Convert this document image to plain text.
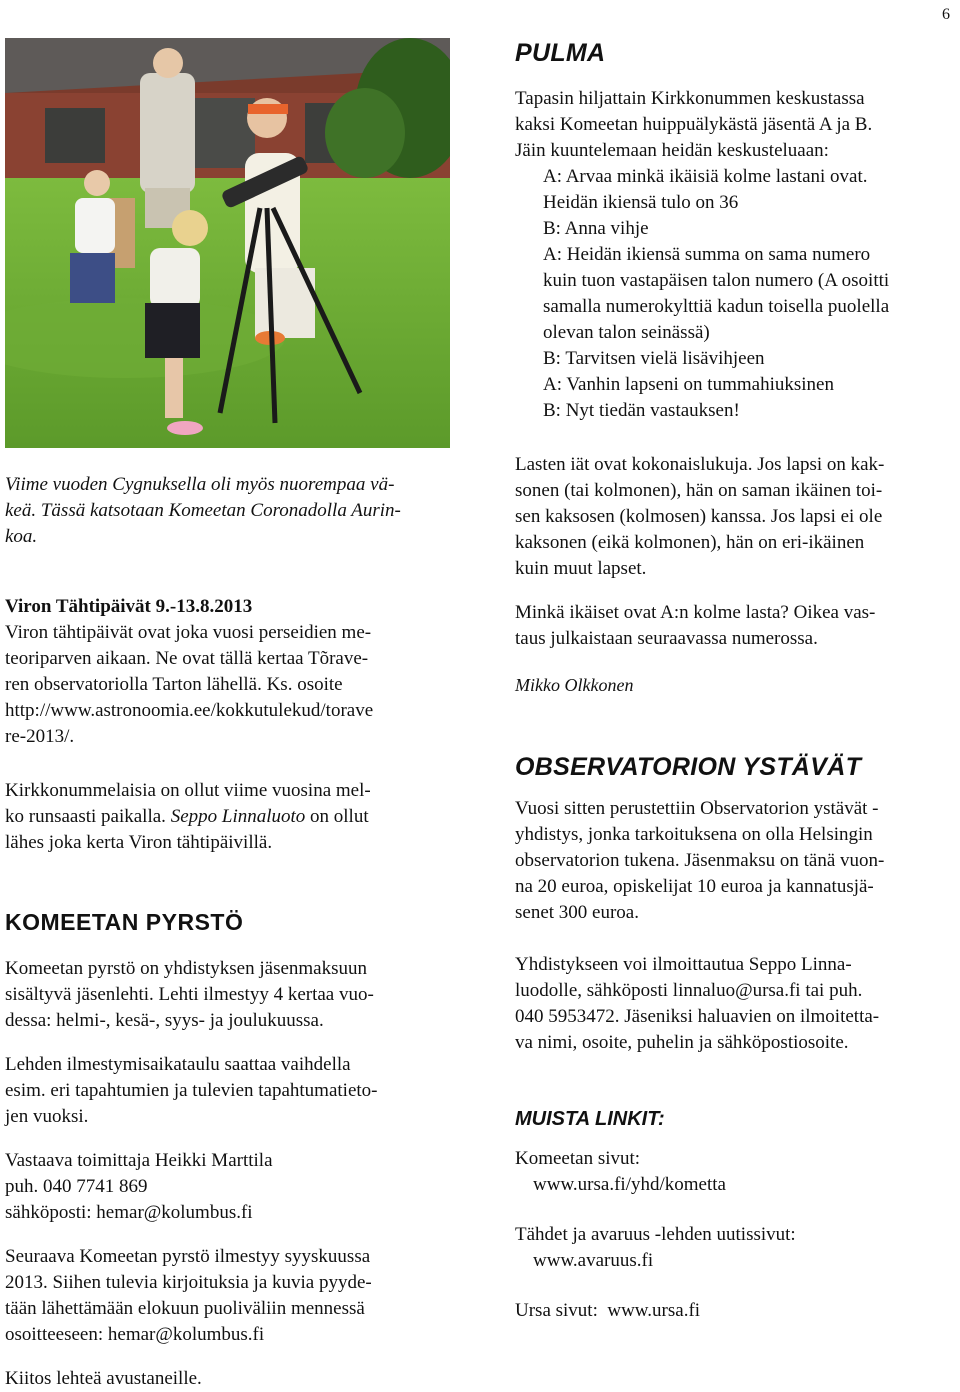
6
Viime vuoden Cygnuksella oli myös nuorempaa vä-
keä. Tässä katsotaan Komeetan Coronadolla Aurin-
koa.
Viron Tähtipäivät 9.-13.8.2013
Viron tähtipäivät ovat joka vuosi perseidien me-
teoriparven aikaan. Ne ovat tällä kertaa Tõrave-
ren observatoriolla Tarton lähellä. Ks. osoite
http://www.astronoomia.ee/kokkutulekud/torave
re-2013/.
Kirkkonummelaisia on ollut viime vuosina mel-
ko runsaasti paikalla. Seppo Linnaluoto on ollut
lähes joka kerta Viron tähtipäivillä.
KOMEETAN PYRSTÖ
Komeetan pyrstö on yhdistyksen jäsenmaksuun
sisältyvä jäsenlehti. Lehti ilmestyy 4 kertaa vuo-
dessa: helmi-, kesä-, syys- ja joulukuussa.
Lehden ilmestymisaikataulu saattaa vaihdella
esim. eri tapahtumien ja tulevien tapahtumatieto-
jen vuoksi.
Vastaava toimittaja Heikki Marttila
puh. 040 7741 869
sähköposti: hemar@kolumbus.fi
Seuraava Komeetan pyrstö ilmestyy syyskuussa
2013. Siihen tulevia kirjoituksia ja kuvia pyyde-
tään lähettämään elokuun puoliväliin mennessä
osoitteeseen: hemar@kolumbus.fi
Kiitos lehteä avustaneille.
PULMA
Tapasin hiljattain Kirkkonummen keskustassa
kaksi Komeetan huippuälykästä jäsentä A ja B.
Jäin kuuntelemaan heidän keskusteluaan:
A: Arvaa minkä ikäisiä kolme lastani ovat.
Heidän ikiensä tulo on 36
B: Anna vihje
A: Heidän ikiensä summa on sama numero
kuin tuon vastapäisen talon numero (A osoitti
samalla numerokylttiä kadun toisella puolella
olevan talon seinässä)
B: Tarvitsen vielä lisävihjeen
A: Vanhin lapseni on tummahiuksinen
B: Nyt tiedän vastauksen!
Lasten iät ovat kokonaislukuja. Jos lapsi on kak-
sonen (tai kolmonen), hän on saman ikäinen toi-
sen kaksosen (kolmosen) kanssa. Jos lapsi ei ole
kaksonen (eikä kolmonen), hän on eri-ikäinen
kuin muut lapset.
Minkä ikäiset ovat A:n kolme lasta? Oikea vas-
taus julkaistaan seuraavassa numerossa.
Mikko Olkkonen
OBSERVATORION YSTÄVÄT
Vuosi sitten perustettiin Observatorion ystävät -
yhdistys, jonka tarkoituksena on olla Helsingin
observatorion tukena. Jäsenmaksu on tänä vuon-
na 20 euroa, opiskelijat 10 euroa ja kannatusjä-
senet 300 euroa.
Yhdistykseen voi ilmoittautua Seppo Linna-
luodolle, sähköposti linnaluo@ursa.fi tai puh.
040 5953472. Jäseniksi haluavien on ilmoitetta-
va nimi, osoite, puhelin ja sähköpostiosoite.
MUISTA LINKIT:
Komeetan sivut:
www.ursa.fi/yhd/kometta
Tähdet ja avaruus -lehden uutissivut:
www.avaruus.fi
Ursa sivut: www.ursa.fi
